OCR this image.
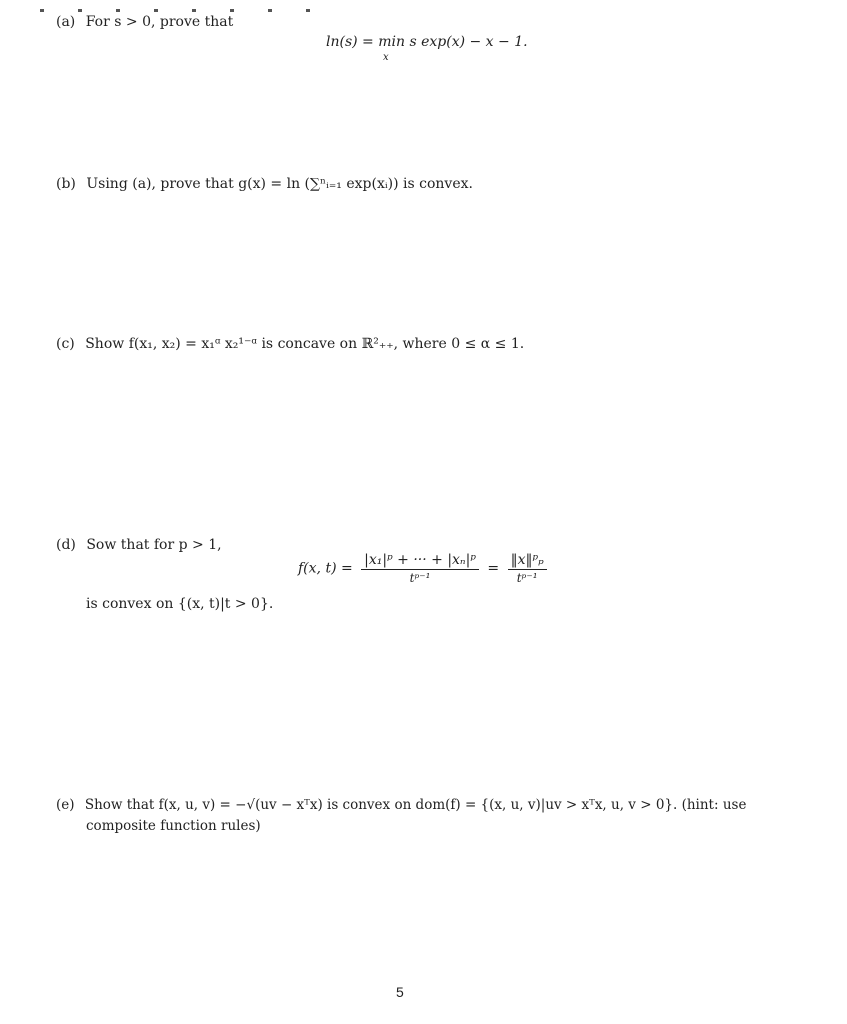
(a) For s > 0, prove that
ln(s) = min s exp(x) − x − 1.
x
(b) Using (a), prove that g(x) = ln (∑ⁿᵢ₌₁ exp(xᵢ)) is convex.
(c) Show f(x₁, x₂) = x₁ᵅ x₂¹⁻ᵅ is concave on ℝ²₊₊, where 0 ≤ α ≤ 1.
(d) Sow that for p > 1,
f(x, $t) = \frac{\text{|x₁|ᵖ + ··· + |xₙ|ᵖ}}{\text{tᵖ⁻¹}} = \frac{\text{‖x‖ᵖₚ}}{\text{tᵖ⁻¹}}$
is convex on {(x, t)|t > 0}.
(e) Show that f(x, u, v) = −√(uv − xᵀx) is convex on dom(f) = {(x, u, v)|uv > xᵀx, u, v > 0}. (hint: use
composite function rules)
5
